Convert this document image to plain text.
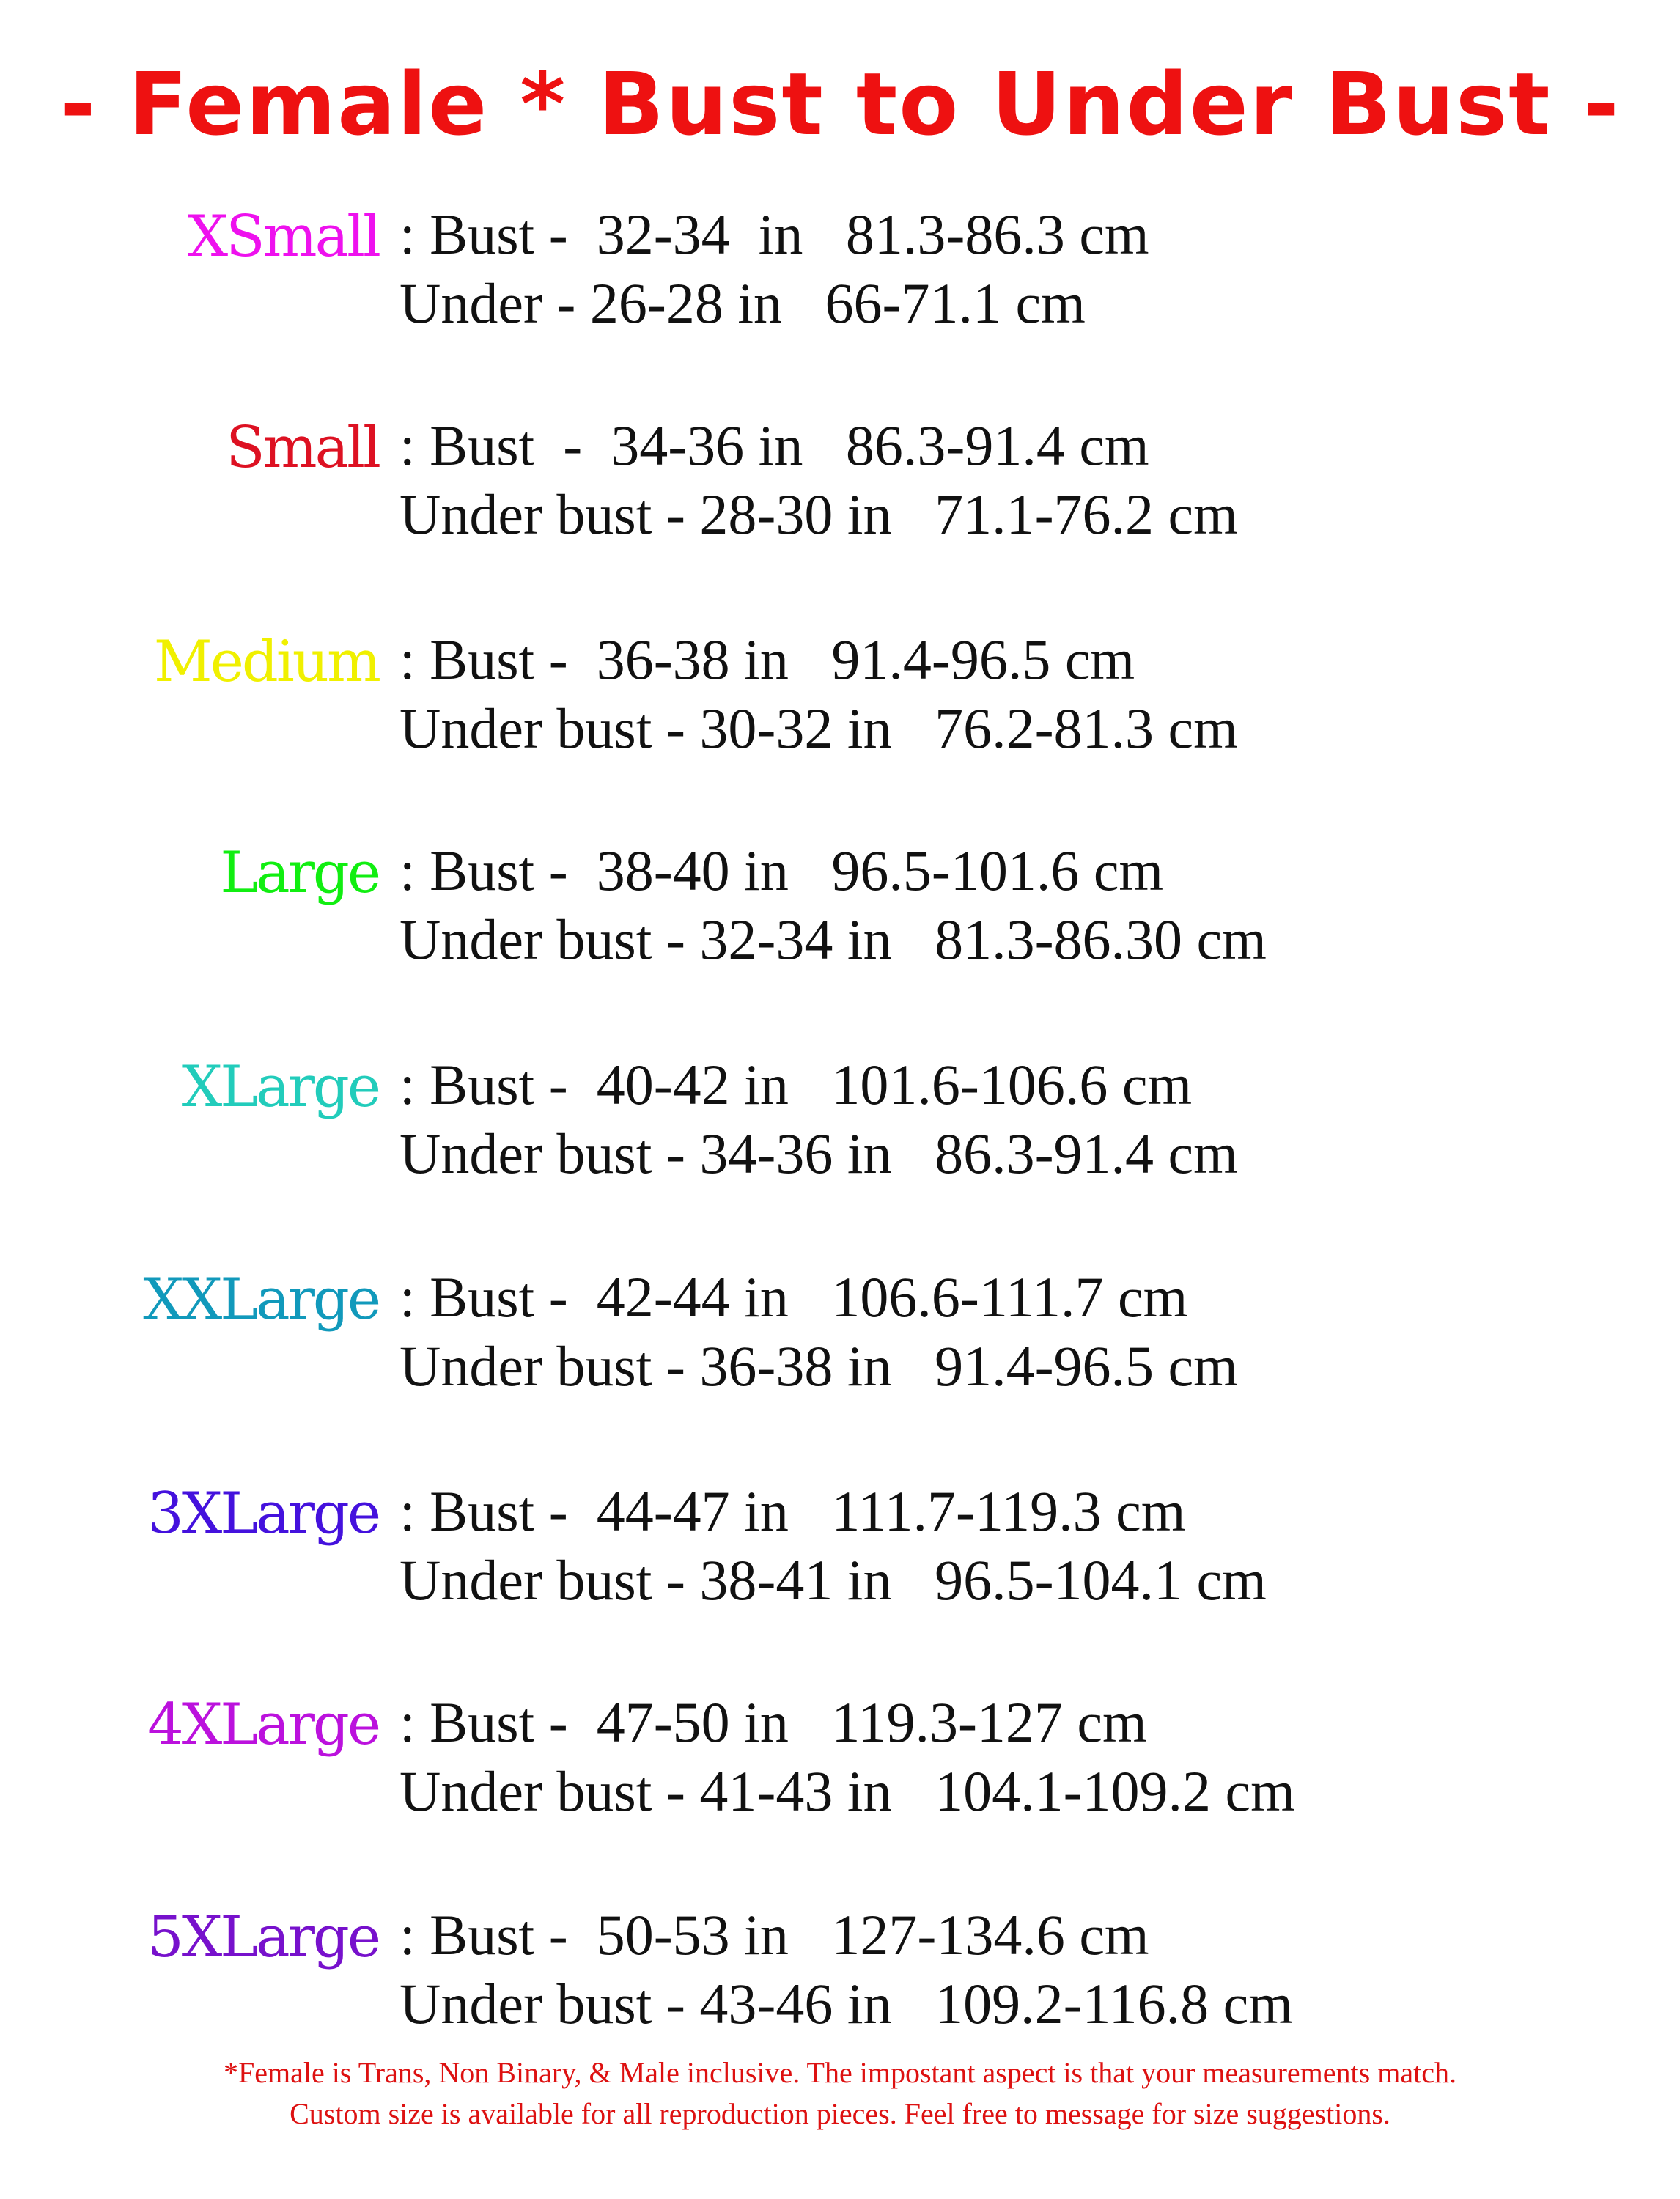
- Female * Bust to Under Bust -
XSmall : Bust -  32-34  in   81.3-86.3 cm
Under - 26-28 in   66-71.1 cm
Small : Bust  -  34-36 in   86.3-91.4 cm
Under bust - 28-30 in   71.1-76.2 cm
Medium : Bust -  36-38 in   91.4-96.5 cm
Under bust - 30-32 in   76.2-81.3 cm
Large : Bust -  38-40 in   96.5-101.6 cm
Under bust - 32-34 in   81.3-86.30 cm
XLarge : Bust -  40-42 in   101.6-106.6 cm
Under bust - 34-36 in   86.3-91.4 cm
XXLarge : Bust -  42-44 in   106.6-111.7 cm
Under bust - 36-38 in   91.4-96.5 cm
3XLarge : Bust -  44-47 in   111.7-119.3 cm
Under bust - 38-41 in   96.5-104.1 cm
4XLarge : Bust -  47-50 in   119.3-127 cm
Under bust - 41-43 in   104.1-109.2 cm
5XLarge : Bust -  50-53 in   127-134.6 cm
Under bust - 43-46 in   109.2-116.8 cm
*Female is Trans, Non Binary, & Male inclusive. The impostant aspect is that your measurements match.
Custom size is available for all reproduction pieces. Feel free to message for size suggestions.
